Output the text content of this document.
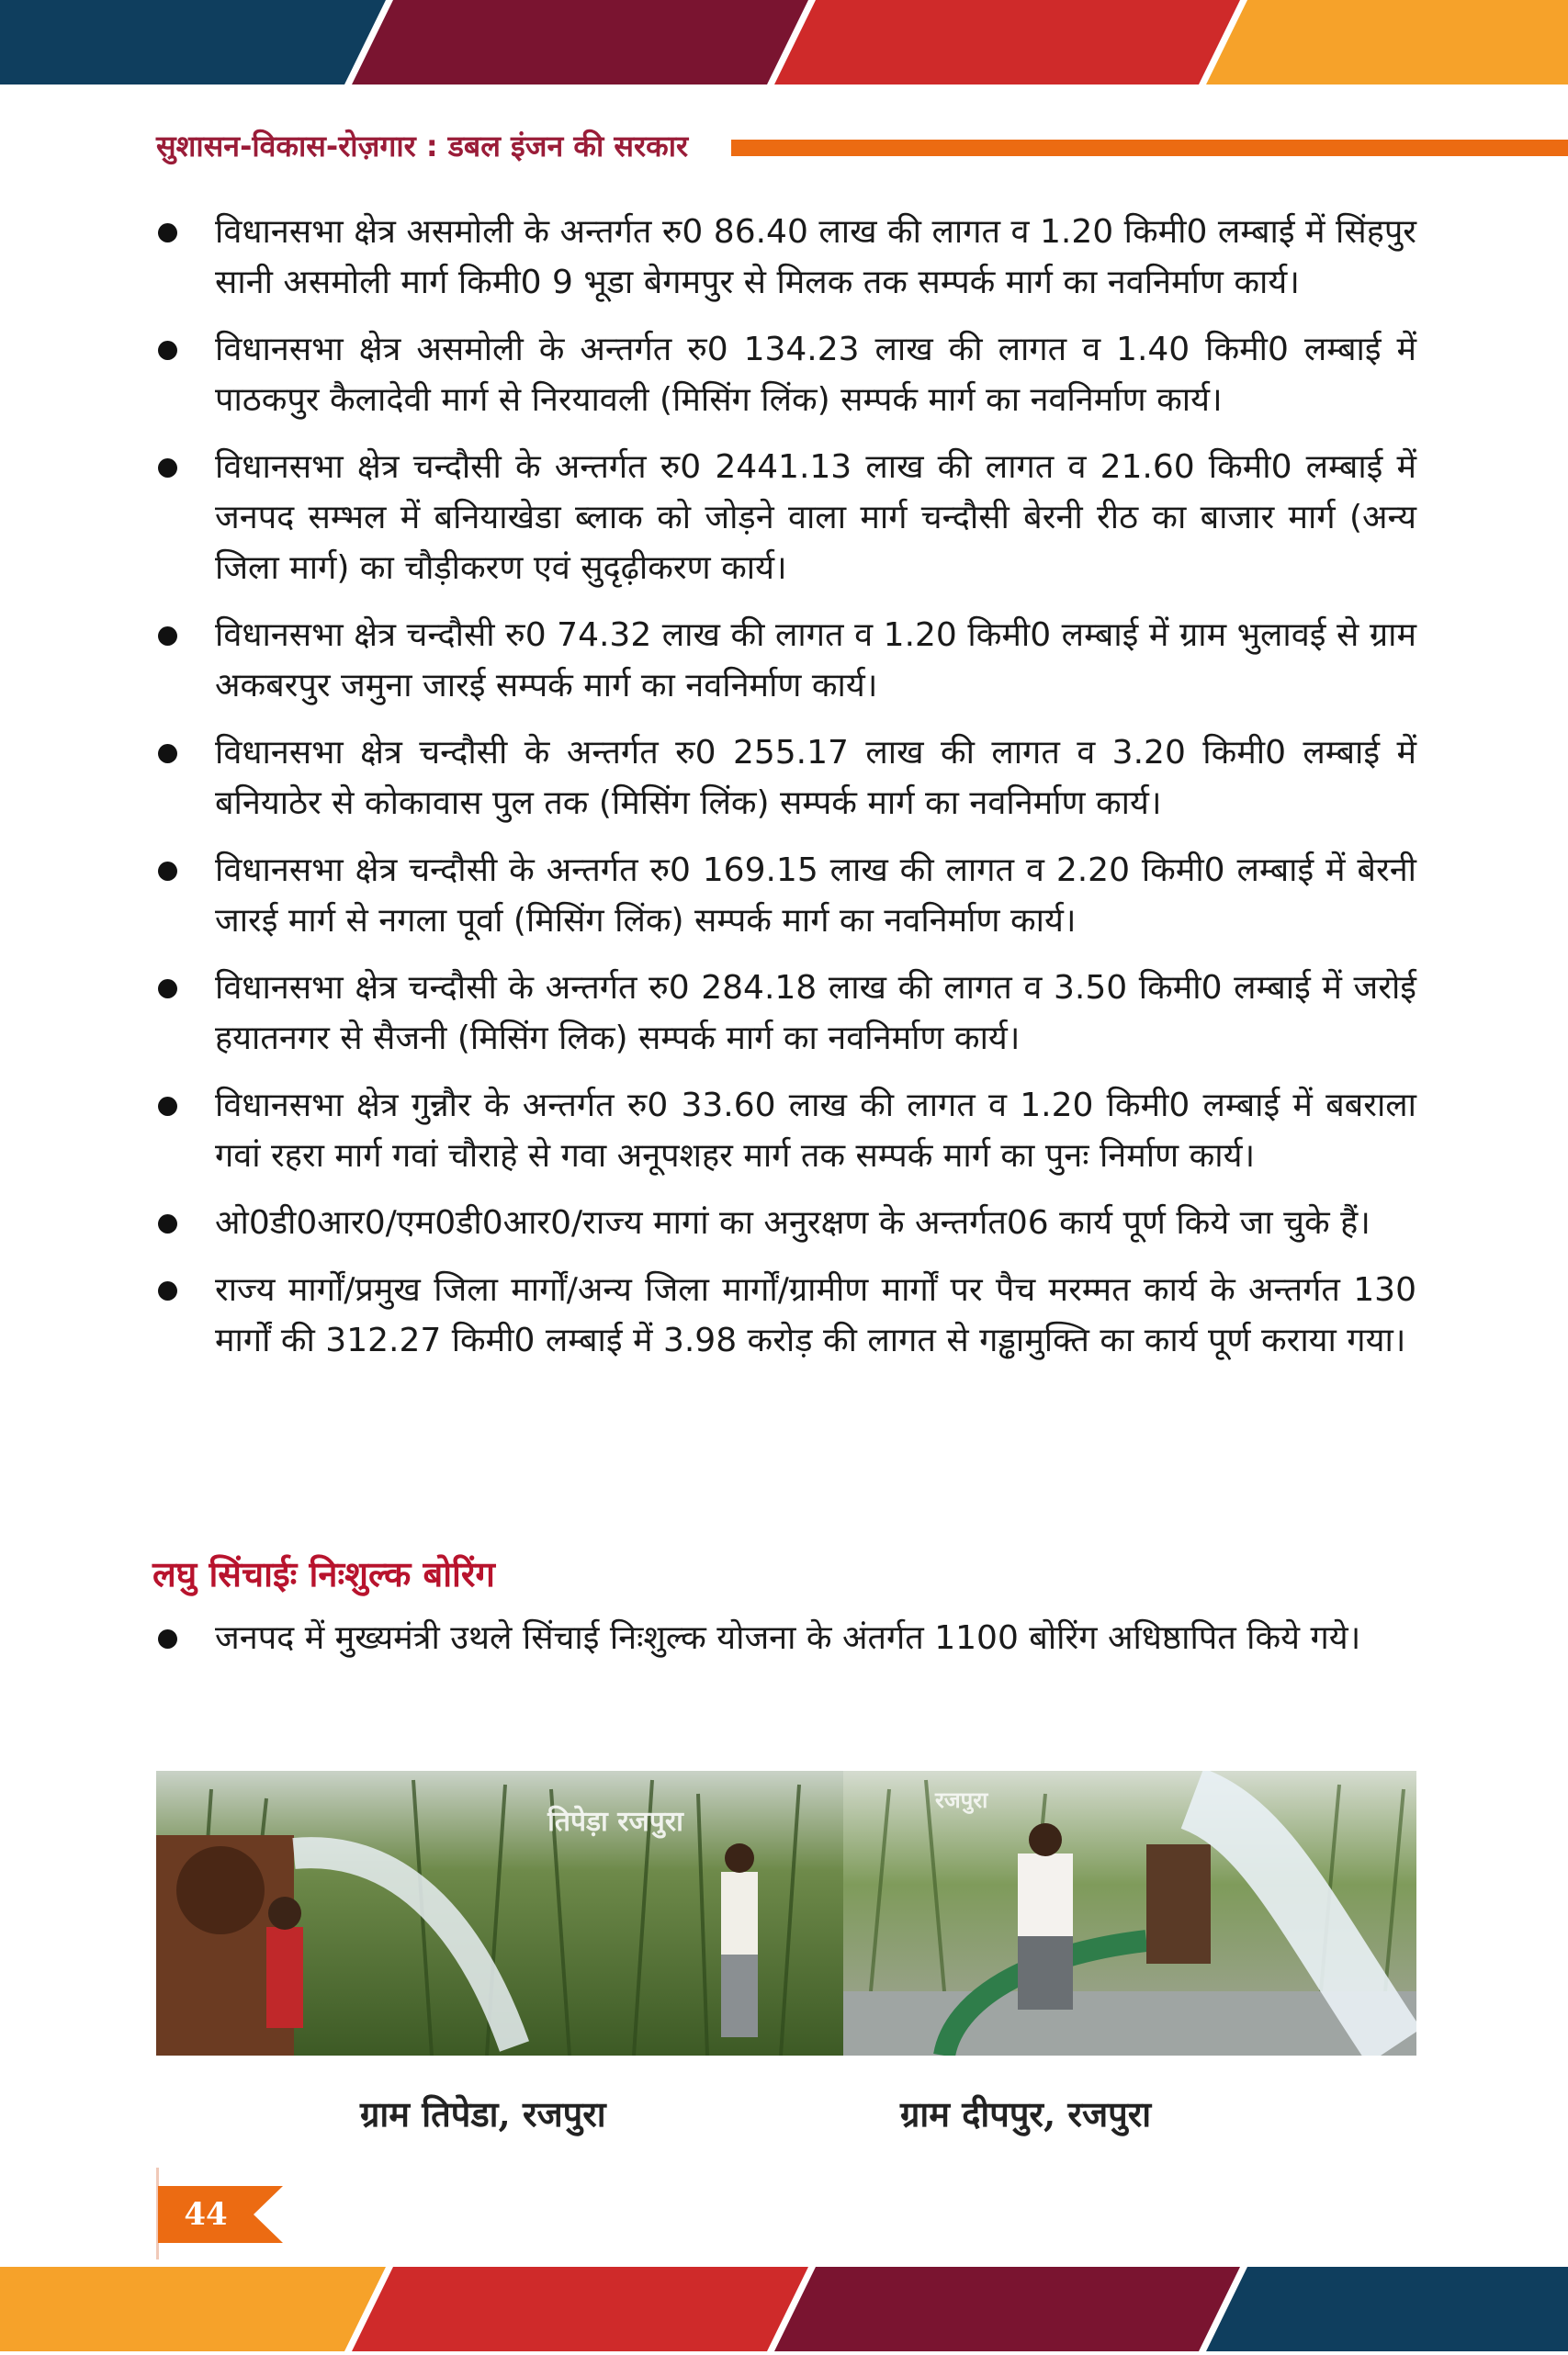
सुशासन-विकास-रोज़गार : डबल इंजन की सरकार
विधानसभा क्षेत्र असमोली के अन्तर्गत रु0 86.40 लाख की लागत व 1.20 किमी0 लम्बाई में सिंहपुर सानी असमोली मार्ग किमी0 9 भूडा बेगमपुर से मिलक तक सम्पर्क मार्ग का नवनिर्माण कार्य।
विधानसभा क्षेत्र असमोली के अन्तर्गत रु0 134.23 लाख की लागत व 1.40 किमी0 लम्बाई में पाठकपुर कैलादेवी मार्ग से निरयावली (मिसिंग लिंक) सम्पर्क मार्ग का नवनिर्माण कार्य।
विधानसभा क्षेत्र चन्दौसी के अन्तर्गत रु0 2441.13 लाख की लागत व 21.60 किमी0 लम्बाई में जनपद सम्भल में बनियाखेडा ब्लाक को जोड़ने वाला मार्ग चन्दौसी बेरनी रीठ का बाजार मार्ग (अन्य जिला मार्ग) का चौड़ीकरण एवं सुदृढ़ीकरण कार्य।
विधानसभा क्षेत्र चन्दौसी रु0 74.32 लाख की लागत व 1.20 किमी0 लम्बाई में ग्राम भुलावई से ग्राम अकबरपुर जमुना जारई सम्पर्क मार्ग का नवनिर्माण कार्य।
विधानसभा क्षेत्र चन्दौसी के अन्तर्गत रु0 255.17 लाख की लागत व 3.20 किमी0 लम्बाई में बनियाठेर से कोकावास पुल तक (मिसिंग लिंक) सम्पर्क मार्ग का नवनिर्माण कार्य।
विधानसभा क्षेत्र चन्दौसी के अन्तर्गत रु0 169.15 लाख की लागत व 2.20 किमी0 लम्बाई में बेरनी जारई मार्ग से नगला पूर्वा (मिसिंग लिंक) सम्पर्क मार्ग का नवनिर्माण कार्य।
विधानसभा क्षेत्र चन्दौसी के अन्तर्गत रु0 284.18 लाख की लागत व 3.50 किमी0 लम्बाई में जरोई हयातनगर से सैजनी (मिसिंग लिक) सम्पर्क मार्ग का नवनिर्माण कार्य।
विधानसभा क्षेत्र गुन्नौर के अन्तर्गत रु0 33.60 लाख की लागत व 1.20 किमी0 लम्बाई में बबराला गवां रहरा मार्ग गवां चौराहे से गवा अनूपशहर मार्ग तक सम्पर्क मार्ग का पुनः निर्माण कार्य।
ओ0डी0आर0/एम0डी0आर0/राज्य मागां का अनुरक्षण के अन्तर्गत06 कार्य पूर्ण किये जा चुके हैं।
राज्य मार्गों/प्रमुख जिला मार्गों/अन्य जिला मार्गों/ग्रामीण मार्गों पर पैच मरम्मत कार्य के अन्तर्गत 130 मार्गों की 312.27 किमी0 लम्बाई में 3.98 करोड़ की लागत से गड्ढामुक्ति का कार्य पूर्ण कराया गया।
लघु सिंचाईः निःशुल्क बोरिंग
जनपद में मुख्यमंत्री उथले सिंचाई निःशुल्क योजना के अंतर्गत 1100 बोरिंग अधिष्ठापित किये गये।
तिपेड़ा रजपुरा
रजपुरा
ग्राम तिपेडा, रजपुरा	ग्राम दीपपुर, रजपुरा
44
